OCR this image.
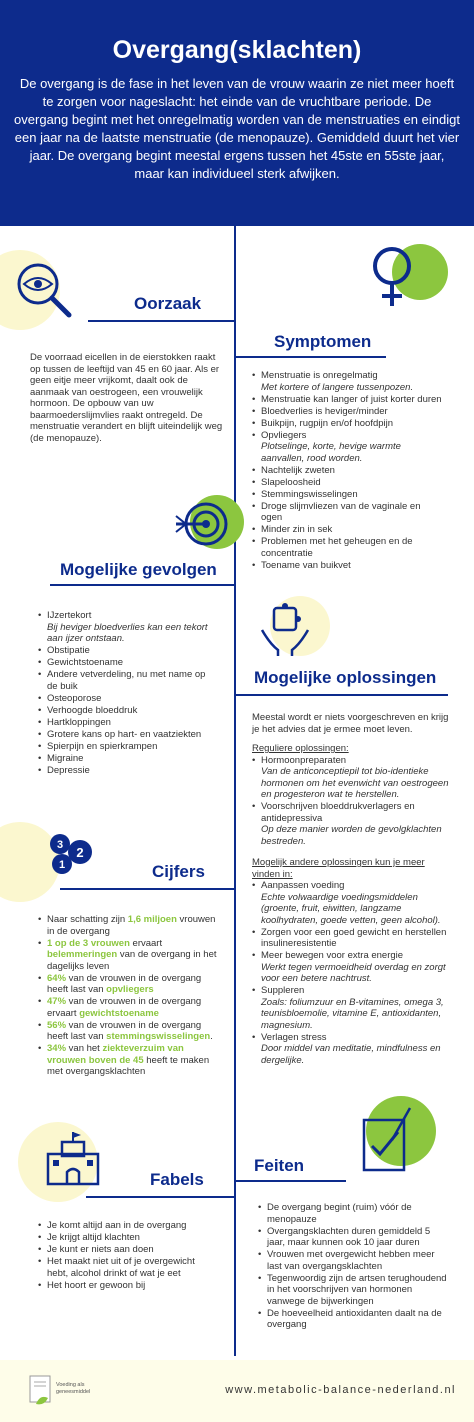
Overgang(sklachten)

De overgang is de fase in het leven van de vrouw waarin ze niet meer hoeft te zorgen voor nageslacht: het einde van de vruchtbare periode. De overgang begint met het onregelmatig worden van de menstruaties en eindigt een jaar na de laatste menstruatie (de menopauze). Gemiddeld duurt het vier jaar. De overgang begint meestal ergens tussen het 45ste en 55ste jaar, maar kan individueel sterk afwijken.

Oorzaak
De voorraad eicellen in de eierstokken raakt op tussen de leeftijd van 45 en 60 jaar. Als er geen eitje meer vrijkomt, daalt ook de aanmaak van oestrogeen, een vrouwelijk hormoon. De opbouw van uw baarmoederslijmvlies raakt ontregeld. De menstruatie verandert en blijft uiteindelijk weg (de menopauze).
Symptomen
• Menstruatie is onregelmatig
Met kortere of langere tussenpozen.
• Menstruatie kan langer of juist korter duren
• Bloedverlies is heviger/minder
• Buikpijn, rugpijn en/of hoofdpijn
• Opvliegers
Plotselinge, korte, hevige warmte aanvallen, rood worden.
• Nachtelijk zweten
• Slapeloosheid
• Stemmingswisselingen
• Droge slijmvliezen van de vaginale en ogen
• Minder zin in sek
• Problemen met het geheugen en de concentratie
• Toename van buikvet
Mogelijke gevolgen
• IJzertekort
Bij heviger bloedverlies kan een tekort aan ijzer ontstaan.
• Obstipatie
• Gewichtstoename
• Andere vetverdeling, nu met name op de buik
• Osteoporose
• Verhoogde bloeddruk
• Hartkloppingen
• Grotere kans op hart- en vaatziekten
• Spierpijn en spierkrampen
• Migraine
• Depressie
Mogelijke oplossingen
Meestal wordt er niets voorgeschreven en krijg je het advies dat je ermee moet leven.
Reguliere oplossingen:
• Hormoonpreparaten
Van de anticonceptiepil tot bio-identieke hormonen om het evenwicht van oestrogeen en progesteron wat te herstellen.
• Voorschrijven bloeddrukverlagers en antidepressiva
Op deze manier worden de gevolgklachten bestreden.
Mogelijk andere oplossingen kun je meer vinden in:
• Aanpassen voeding
Echte volwaardige voedingsmiddelen (groente, fruit, eiwitten, langzame koolhydraten, goede vetten, geen alcohol).
• Zorgen voor een goed gewicht en herstellen insulineresistentie
• Meer bewegen voor extra energie
Werkt tegen vermoeidheid overdag en zorgt voor een betere nachtrust.
• Suppleren
Zoals: foliumzuur en B-vitamines, omega 3, teunisbloemolie, vitamine E, antioxidanten, magnesium.
• Verlagen stress
Door middel van meditatie, mindfulness en dergelijke.
3 2
1	Cijfers
• Naar schatting zijn 1,6 miljoen vrouwen in de overgang
• 1 op de 3 vrouwen ervaart belemmeringen van de overgang in het dagelijks leven
• 64% van de vrouwen in de overgang heeft last van opvliegers
• 47% van de vrouwen in de overgang ervaart gewichtstoename
• 56% van de vrouwen in de overgang heeft last van stemmingswisselingen.
• 34% van het ziekteverzuim van vrouwen boven de 45 heeft te maken met overgangsklachten
Fabels
• Je komt altijd aan in de overgang
• Je krijgt altijd klachten
• Je kunt er niets aan doen
• Het maakt niet uit of je overgewicht hebt, alcohol drinkt of wat je eet
• Het hoort er gewoon bij
Feiten
• De overgang begint (ruim) vóór de menopauze
• Overgangsklachten duren gemiddeld 5 jaar, maar kunnen ook 10 jaar duren
• Vrouwen met overgewicht hebben meer last van overgangsklachten
• Tegenwoordig zijn de artsen terughoudend in het voorschrijven van hormonen vanwege de bijwerkingen
• De hoeveelheid antioxidanten daalt na de overgang
Voeding als geneesmiddel	www.metabolic-balance-nederland.nl
